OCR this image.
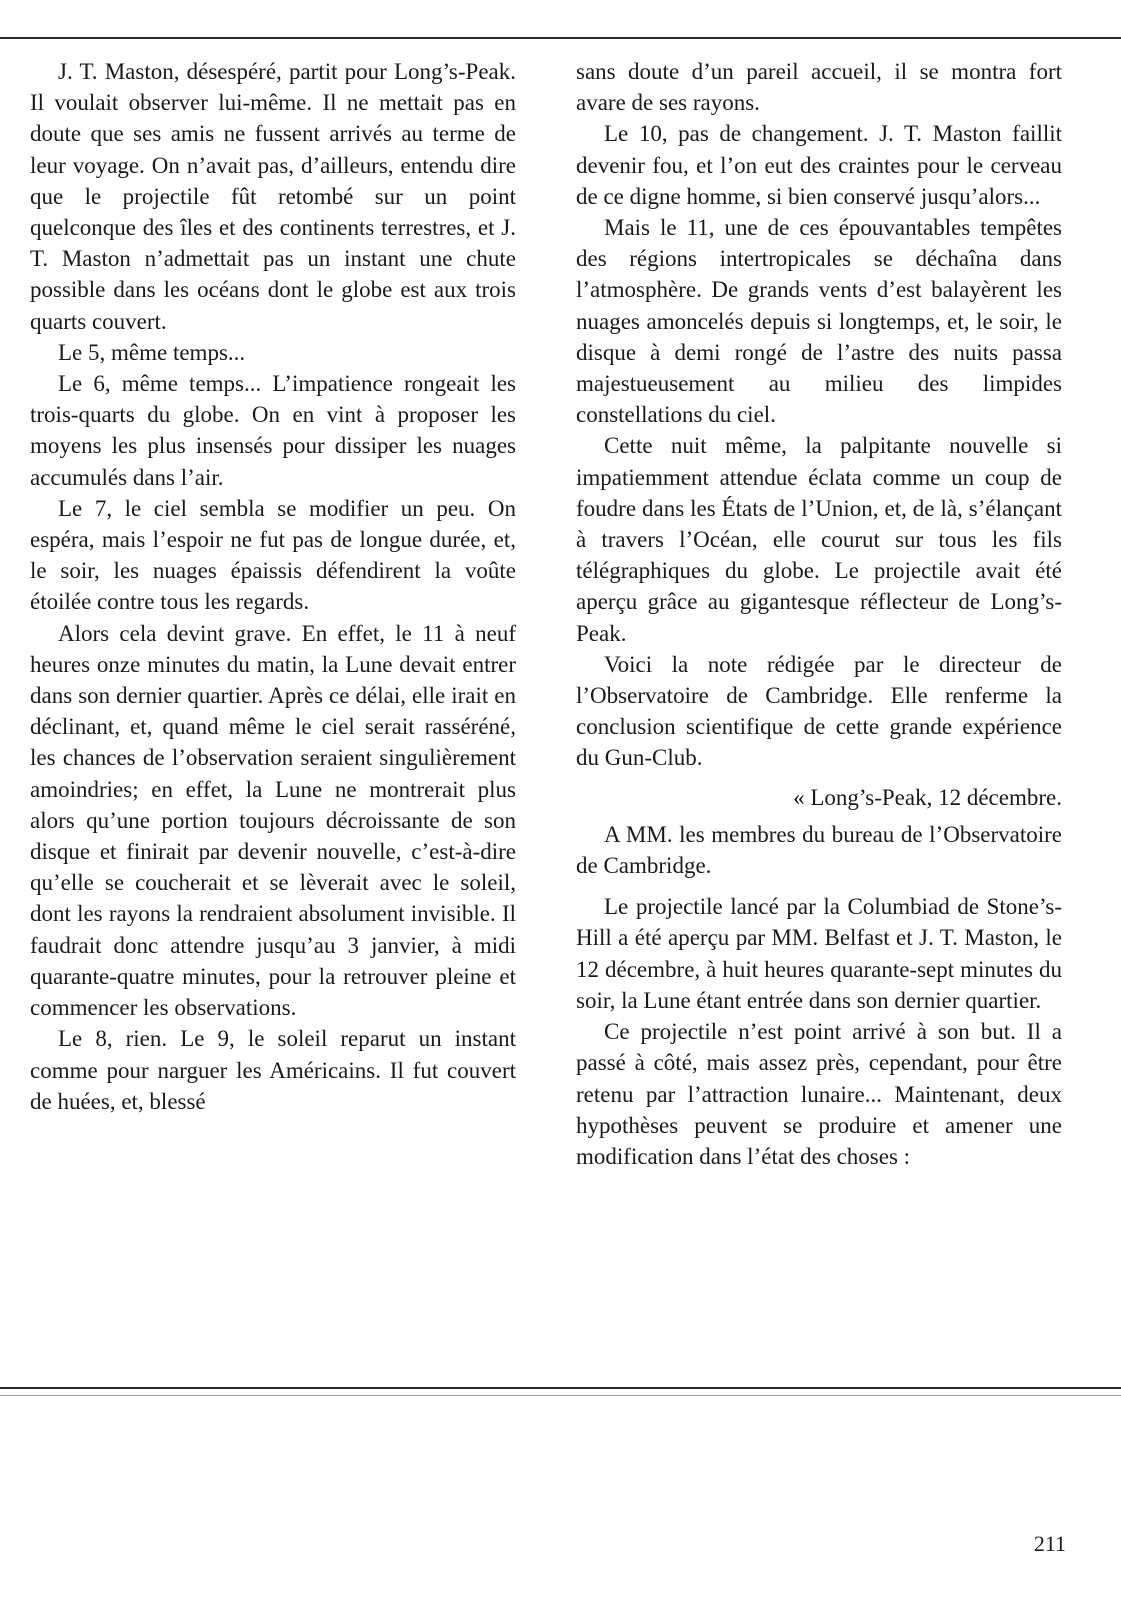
J. T. Maston, désespéré, partit pour Long’s-Peak. Il voulait observer lui-même. Il ne mettait pas en doute que ses amis ne fussent arrivés au terme de leur voyage. On n’avait pas, d’ailleurs, entendu dire que le projectile fût retombé sur un point quelconque des îles et des continents terrestres, et J. T. Maston n’admettait pas un instant une chute possible dans les océans dont le globe est aux trois quarts couvert.

Le 5, même temps...

Le 6, même temps... L’impatience rongeait les trois-quarts du globe. On en vint à proposer les moyens les plus insensés pour dissiper les nuages accumulés dans l’air.

Le 7, le ciel sembla se modifier un peu. On espéra, mais l’espoir ne fut pas de longue durée, et, le soir, les nuages épaissis défendirent la voûte étoilée contre tous les regards.

Alors cela devint grave. En effet, le 11 à neuf heures onze minutes du matin, la Lune devait entrer dans son dernier quartier. Après ce délai, elle irait en déclinant, et, quand même le ciel serait rasséréné, les chances de l’observation seraient singulièrement amoindries; en effet, la Lune ne montrerait plus alors qu’une portion toujours décroissante de son disque et finirait par devenir nouvelle, c’est-à-dire qu’elle se coucherait et se lèverait avec le soleil, dont les rayons la rendraient absolument invisible. Il faudrait donc attendre jusqu’au 3 janvier, à midi quarante-quatre minutes, pour la retrouver pleine et commencer les observations.

Le 8, rien. Le 9, le soleil reparut un instant comme pour narguer les Américains. Il fut couvert de huées, et, blessé

sans doute d’un pareil accueil, il se montra fort avare de ses rayons.

Le 10, pas de changement. J. T. Maston faillit devenir fou, et l’on eut des craintes pour le cerveau de ce digne homme, si bien conservé jusqu’alors...

Mais le 11, une de ces épouvantables tempêtes des régions intertropicales se déchaîna dans l’atmosphère. De grands vents d’est balayèrent les nuages amoncelés depuis si longtemps, et, le soir, le disque à demi rongé de l’astre des nuits passa majestueusement au milieu des limpides constellations du ciel.

Cette nuit même, la palpitante nouvelle si impatiemment attendue éclata comme un coup de foudre dans les États de l’Union, et, de là, s’élançant à travers l’Océan, elle courut sur tous les fils télégraphiques du globe. Le projectile avait été aperçu grâce au gigantesque réflecteur de Long’s-Peak.

Voici la note rédigée par le directeur de l’Observatoire de Cambridge. Elle renferme la conclusion scientifique de cette grande expérience du Gun-Club.

« Long’s-Peak, 12 décembre.

A MM. les membres du bureau de l’Observatoire de Cambridge.

Le projectile lancé par la Columbiad de Stone’s-Hill a été aperçu par MM. Belfast et J. T. Maston, le 12 décembre, à huit heures quarante-sept minutes du soir, la Lune étant entrée dans son dernier quartier.

Ce projectile n’est point arrivé à son but. Il a passé à côté, mais assez près, cependant, pour être retenu par l’attraction lunaire... Maintenant, deux hypothèses peuvent se produire et amener une modification dans l’état des choses :

211
